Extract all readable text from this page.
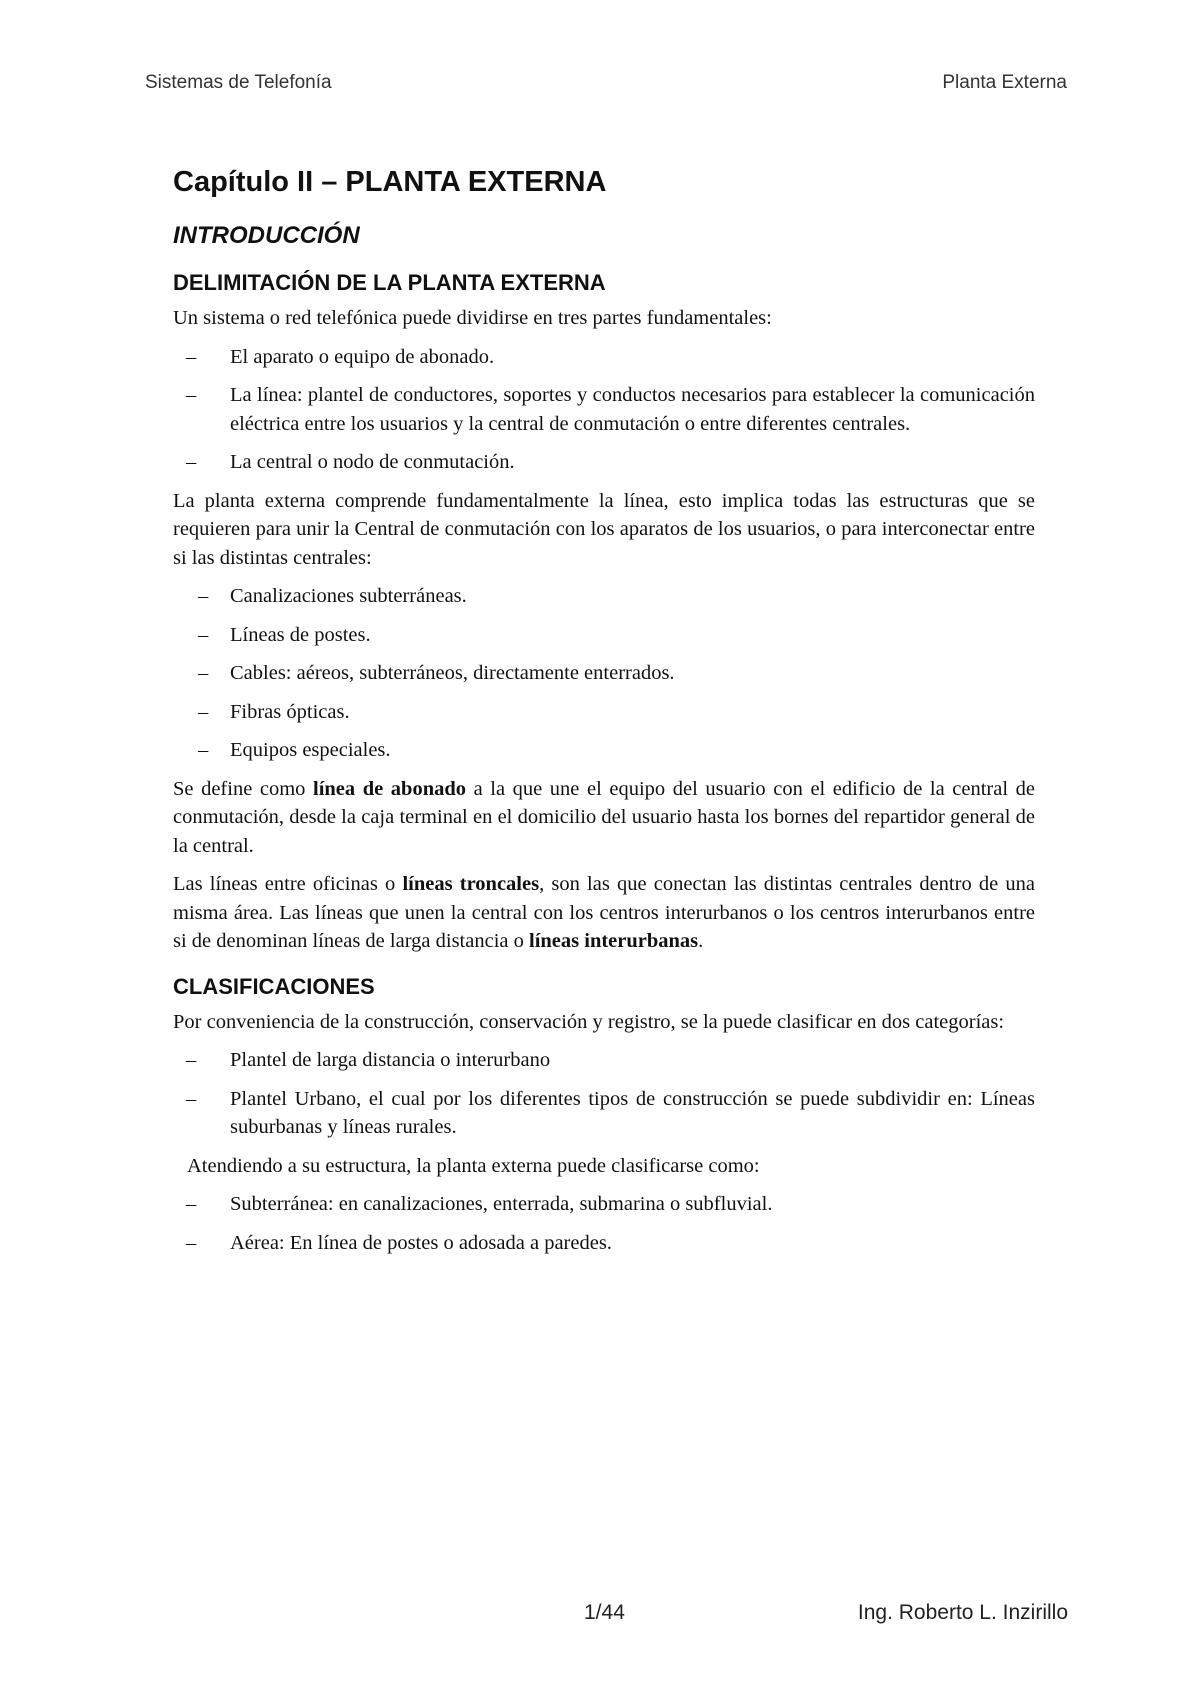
Sistemas de Telefonía	Planta Externa
Capítulo II – PLANTA EXTERNA
INTRODUCCIÓN
DELIMITACIÓN DE LA PLANTA EXTERNA

Un sistema o red telefónica puede dividirse en tres partes fundamentales:

– El aparato o equipo de abonado.
– La línea: plantel de conductores, soportes y conductos necesarios para establecer la comunicación eléctrica entre los usuarios y la central de conmutación o entre diferentes centrales.
– La central o nodo de conmutación.

La planta externa comprende fundamentalmente la línea, esto implica todas las estructuras que se requieren para unir la Central de conmutación con los aparatos de los usuarios, o para interconectar entre si las distintas centrales:

– Canalizaciones subterráneas.
– Líneas de postes.
– Cables: aéreos, subterráneos, directamente enterrados.
– Fibras ópticas.
– Equipos especiales.

Se define como línea de abonado a la que une el equipo del usuario con el edificio de la central de conmutación, desde la caja terminal en el domicilio del usuario hasta los bornes del repartidor general de la central.

Las líneas entre oficinas o líneas troncales, son las que conectan las distintas centrales dentro de una misma área. Las líneas que unen la central con los centros interurbanos o los centros interurbanos entre si de denominan líneas de larga distancia o líneas interurbanas.

CLASIFICACIONES

Por conveniencia de la construcción, conservación y registro, se la puede clasificar en dos categorías:

– Plantel de larga distancia o interurbano
– Plantel Urbano, el cual por los diferentes tipos de construcción se puede subdividir en: Líneas suburbanas y líneas rurales.

Atendiendo a su estructura, la planta externa puede clasificarse como:

– Subterránea: en canalizaciones, enterrada, submarina o subfluvial.
– Aérea: En línea de postes o adosada a paredes.
1/44	Ing. Roberto L. Inzirillo
